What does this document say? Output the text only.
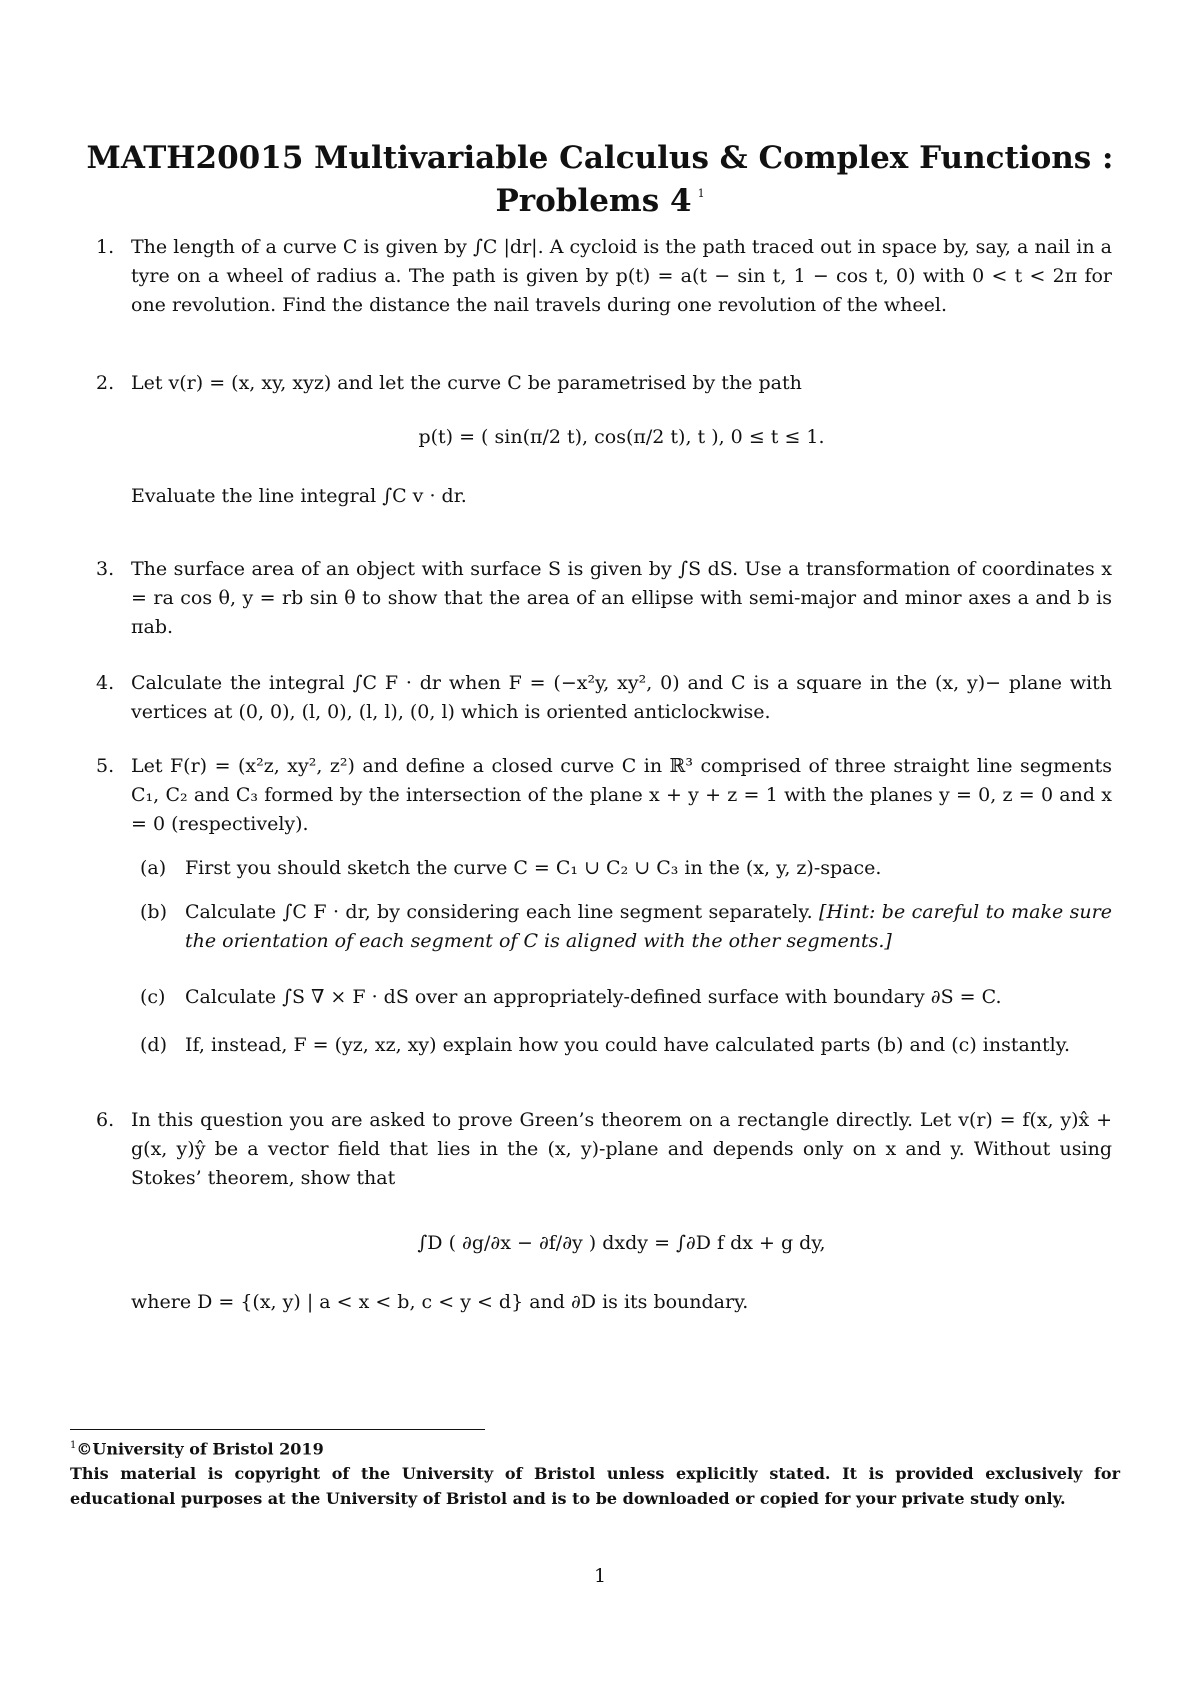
MATH20015 Multivariable Calculus & Complex Functions :
Problems 4 $^1$
1. The length of a curve C is given by ∫C |dr|. A cycloid is the path traced out in space by, say, a nail in a tyre on a wheel of radius a. The path is given by p(t) = a(t − sin t, 1 − cos t, 0) with 0 < t < 2π for one revolution. Find the distance the nail travels during one revolution of the wheel.
2. Let v(r) = (x, xy, xyz) and let the curve C be parametrised by the path
p(t) = ( sin(π/2 t), cos(π/2 t), t ), 0 ≤ t ≤ 1.
Evaluate the line integral ∫C v · dr.
3. The surface area of an object with surface S is given by ∫S dS. Use a transformation of coordinates x = ra cos θ, y = rb sin θ to show that the area of an ellipse with semi-major and minor axes a and b is πab.
4. Calculate the integral ∫C F · dr when F = (−x²y, xy², 0) and C is a square in the (x, y)− plane with vertices at (0, 0), (l, 0), (l, l), (0, l) which is oriented anticlockwise.
5. Let F(r) = (x²z, xy², z²) and define a closed curve C in ℝ³ comprised of three straight line segments C₁, C₂ and C₃ formed by the intersection of the plane x + y + z = 1 with the planes y = 0, z = 0 and x = 0 (respectively).
(a) First you should sketch the curve C = C₁ ∪ C₂ ∪ C₃ in the (x, y, z)-space.
(b) Calculate ∫C F · dr, by considering each line segment separately. [Hint: be careful to make sure the orientation of each segment of C is aligned with the other segments.]
(c)	Calculate ∫S ∇ × F · dS over an appropriately-defined surface with boundary ∂S = C.
(d) If, instead, F = (yz, xz, xy) explain how you could have calculated parts (b) and (c) instantly.
6. In this question you are asked to prove Green’s theorem on a rectangle directly. Let v(r) = f(x, y)x̂ + g(x, y)ŷ be a vector field that lies in the (x, y)-plane and depends only on x and y. Without using Stokes’ theorem, show that
∫D ( ∂g/∂x − ∂f/∂y ) dxdy = ∫∂D f dx + g dy,
where D = {(x, y) | a < x < b, c < y < d} and ∂D is its boundary.
$^1$©University of Bristol 2019
This material is copyright of the University of Bristol unless explicitly stated. It is provided exclusively for educational purposes at the University of Bristol and is to be downloaded or copied for your private study only.
1
